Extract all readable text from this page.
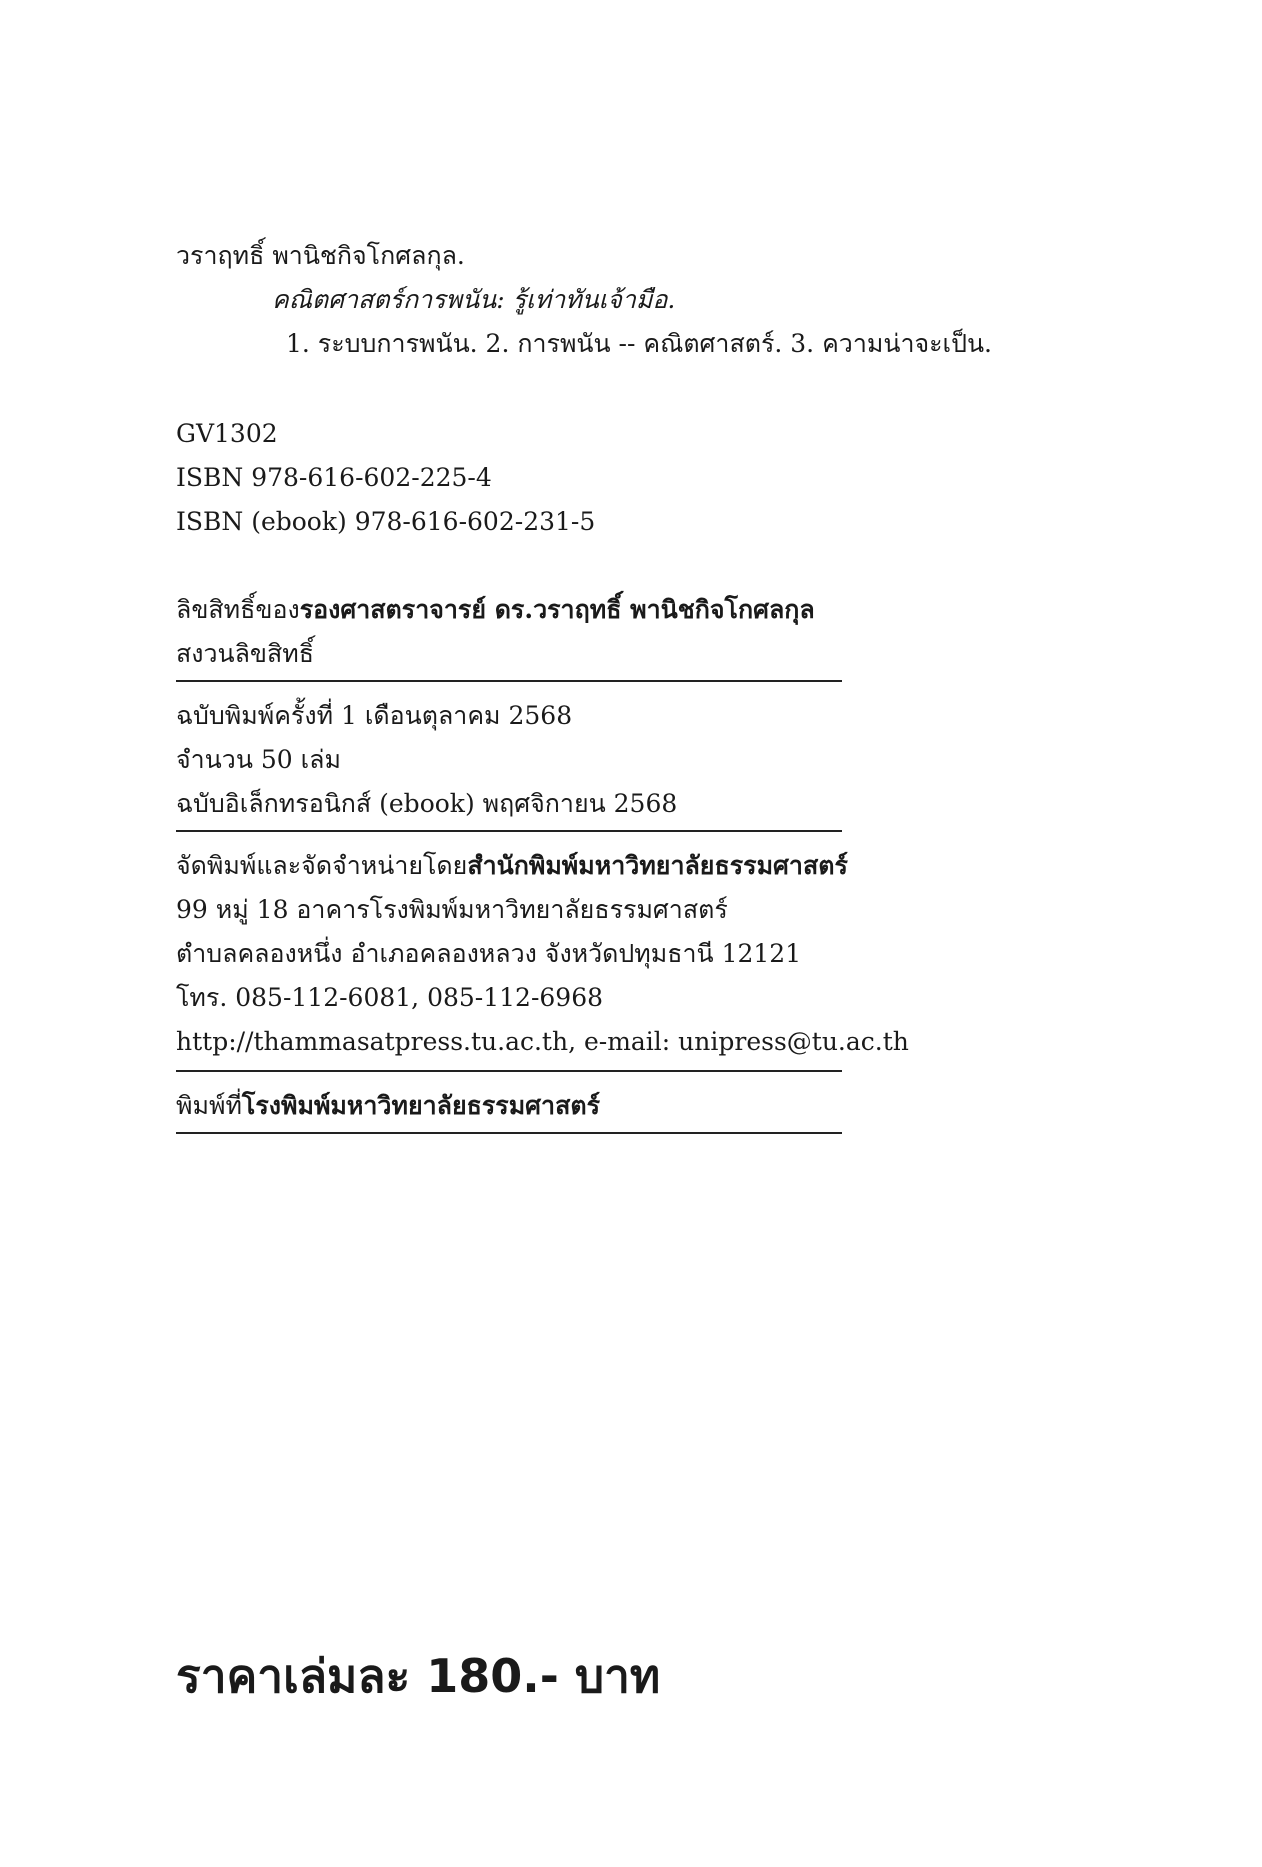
วราฤทธิ์ พานิชกิจโกศลกุล.
คณิตศาสตร์การพนัน: รู้เท่าทันเจ้ามือ.
1. ระบบการพนัน. 2. การพนัน -- คณิตศาสตร์. 3. ความน่าจะเป็น.
GV1302
ISBN 978-616-602-225-4
ISBN (ebook) 978-616-602-231-5
ลิขสิทธิ์ของรองศาสตราจารย์ ดร.วราฤทธิ์ พานิชกิจโกศลกุล
สงวนลิขสิทธิ์
ฉบับพิมพ์ครั้งที่ 1 เดือนตุลาคม 2568
จำนวน 50 เล่ม
ฉบับอิเล็กทรอนิกส์ (ebook) พฤศจิกายน 2568
จัดพิมพ์และจัดจำหน่ายโดยสำนักพิมพ์มหาวิทยาลัยธรรมศาสตร์
99 หมู่ 18 อาคารโรงพิมพ์มหาวิทยาลัยธรรมศาสตร์
ตำบลคลองหนึ่ง อำเภอคลองหลวง จังหวัดปทุมธานี 12121
โทร. 085-112-6081, 085-112-6968
http://thammasatpress.tu.ac.th, e-mail: unipress@tu.ac.th
พิมพ์ที่โรงพิมพ์มหาวิทยาลัยธรรมศาสตร์
ราคาเล่มละ 180.- บาท
